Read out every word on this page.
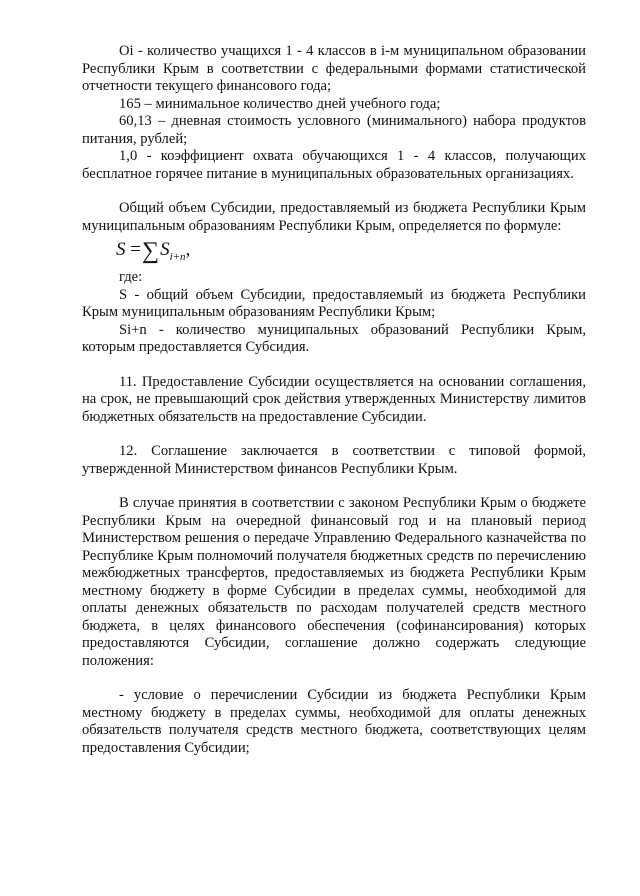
Oi - количество учащихся 1 - 4 классов в i-м муниципальном образовании Республики Крым в соответствии с федеральными формами статистической отчетности текущего финансового года;

165 – минимальное количество дней учебного года;

60,13 – дневная стоимость условного (минимального) набора продуктов питания, рублей;

1,0 - коэффициент охвата обучающихся 1 - 4 классов, получающих бесплатное горячее питание в муниципальных образовательных организациях.

Общий объем Субсидии, предоставляемый из бюджета Республики Крым муниципальным образованиям Республики Крым, определяется по формуле:

$S =\sum S_{i+n}$,

где:

S - общий объем Субсидии, предоставляемый из бюджета Республики Крым муниципальным образованиям Республики Крым;

Si+n - количество муниципальных образований Республики Крым, которым предоставляется Субсидия.

11. Предоставление Субсидии осуществляется на основании соглашения, на срок, не превышающий срок действия утвержденных Министерству лимитов бюджетных обязательств на предоставление Субсидии.

12. Соглашение заключается в соответствии с типовой формой, утвержденной Министерством финансов Республики Крым.

В случае принятия в соответствии с законом Республики Крым о бюджете Республики Крым на очередной финансовый год и на плановый период Министерством решения о передаче Управлению Федерального казначейства по Республике Крым полномочий получателя бюджетных средств по перечислению межбюджетных трансфертов, предоставляемых из бюджета Республики Крым местному бюджету в форме Субсидии в пределах суммы, необходимой для оплаты денежных обязательств по расходам получателей средств местного бюджета, в целях финансового обеспечения (софинансирования) которых предоставляются Субсидии, соглашение должно содержать следующие положения:

- условие о перечислении Субсидии из бюджета Республики Крым местному бюджету в пределах суммы, необходимой для оплаты денежных обязательств получателя средств местного бюджета, соответствующих целям предоставления Субсидии;
